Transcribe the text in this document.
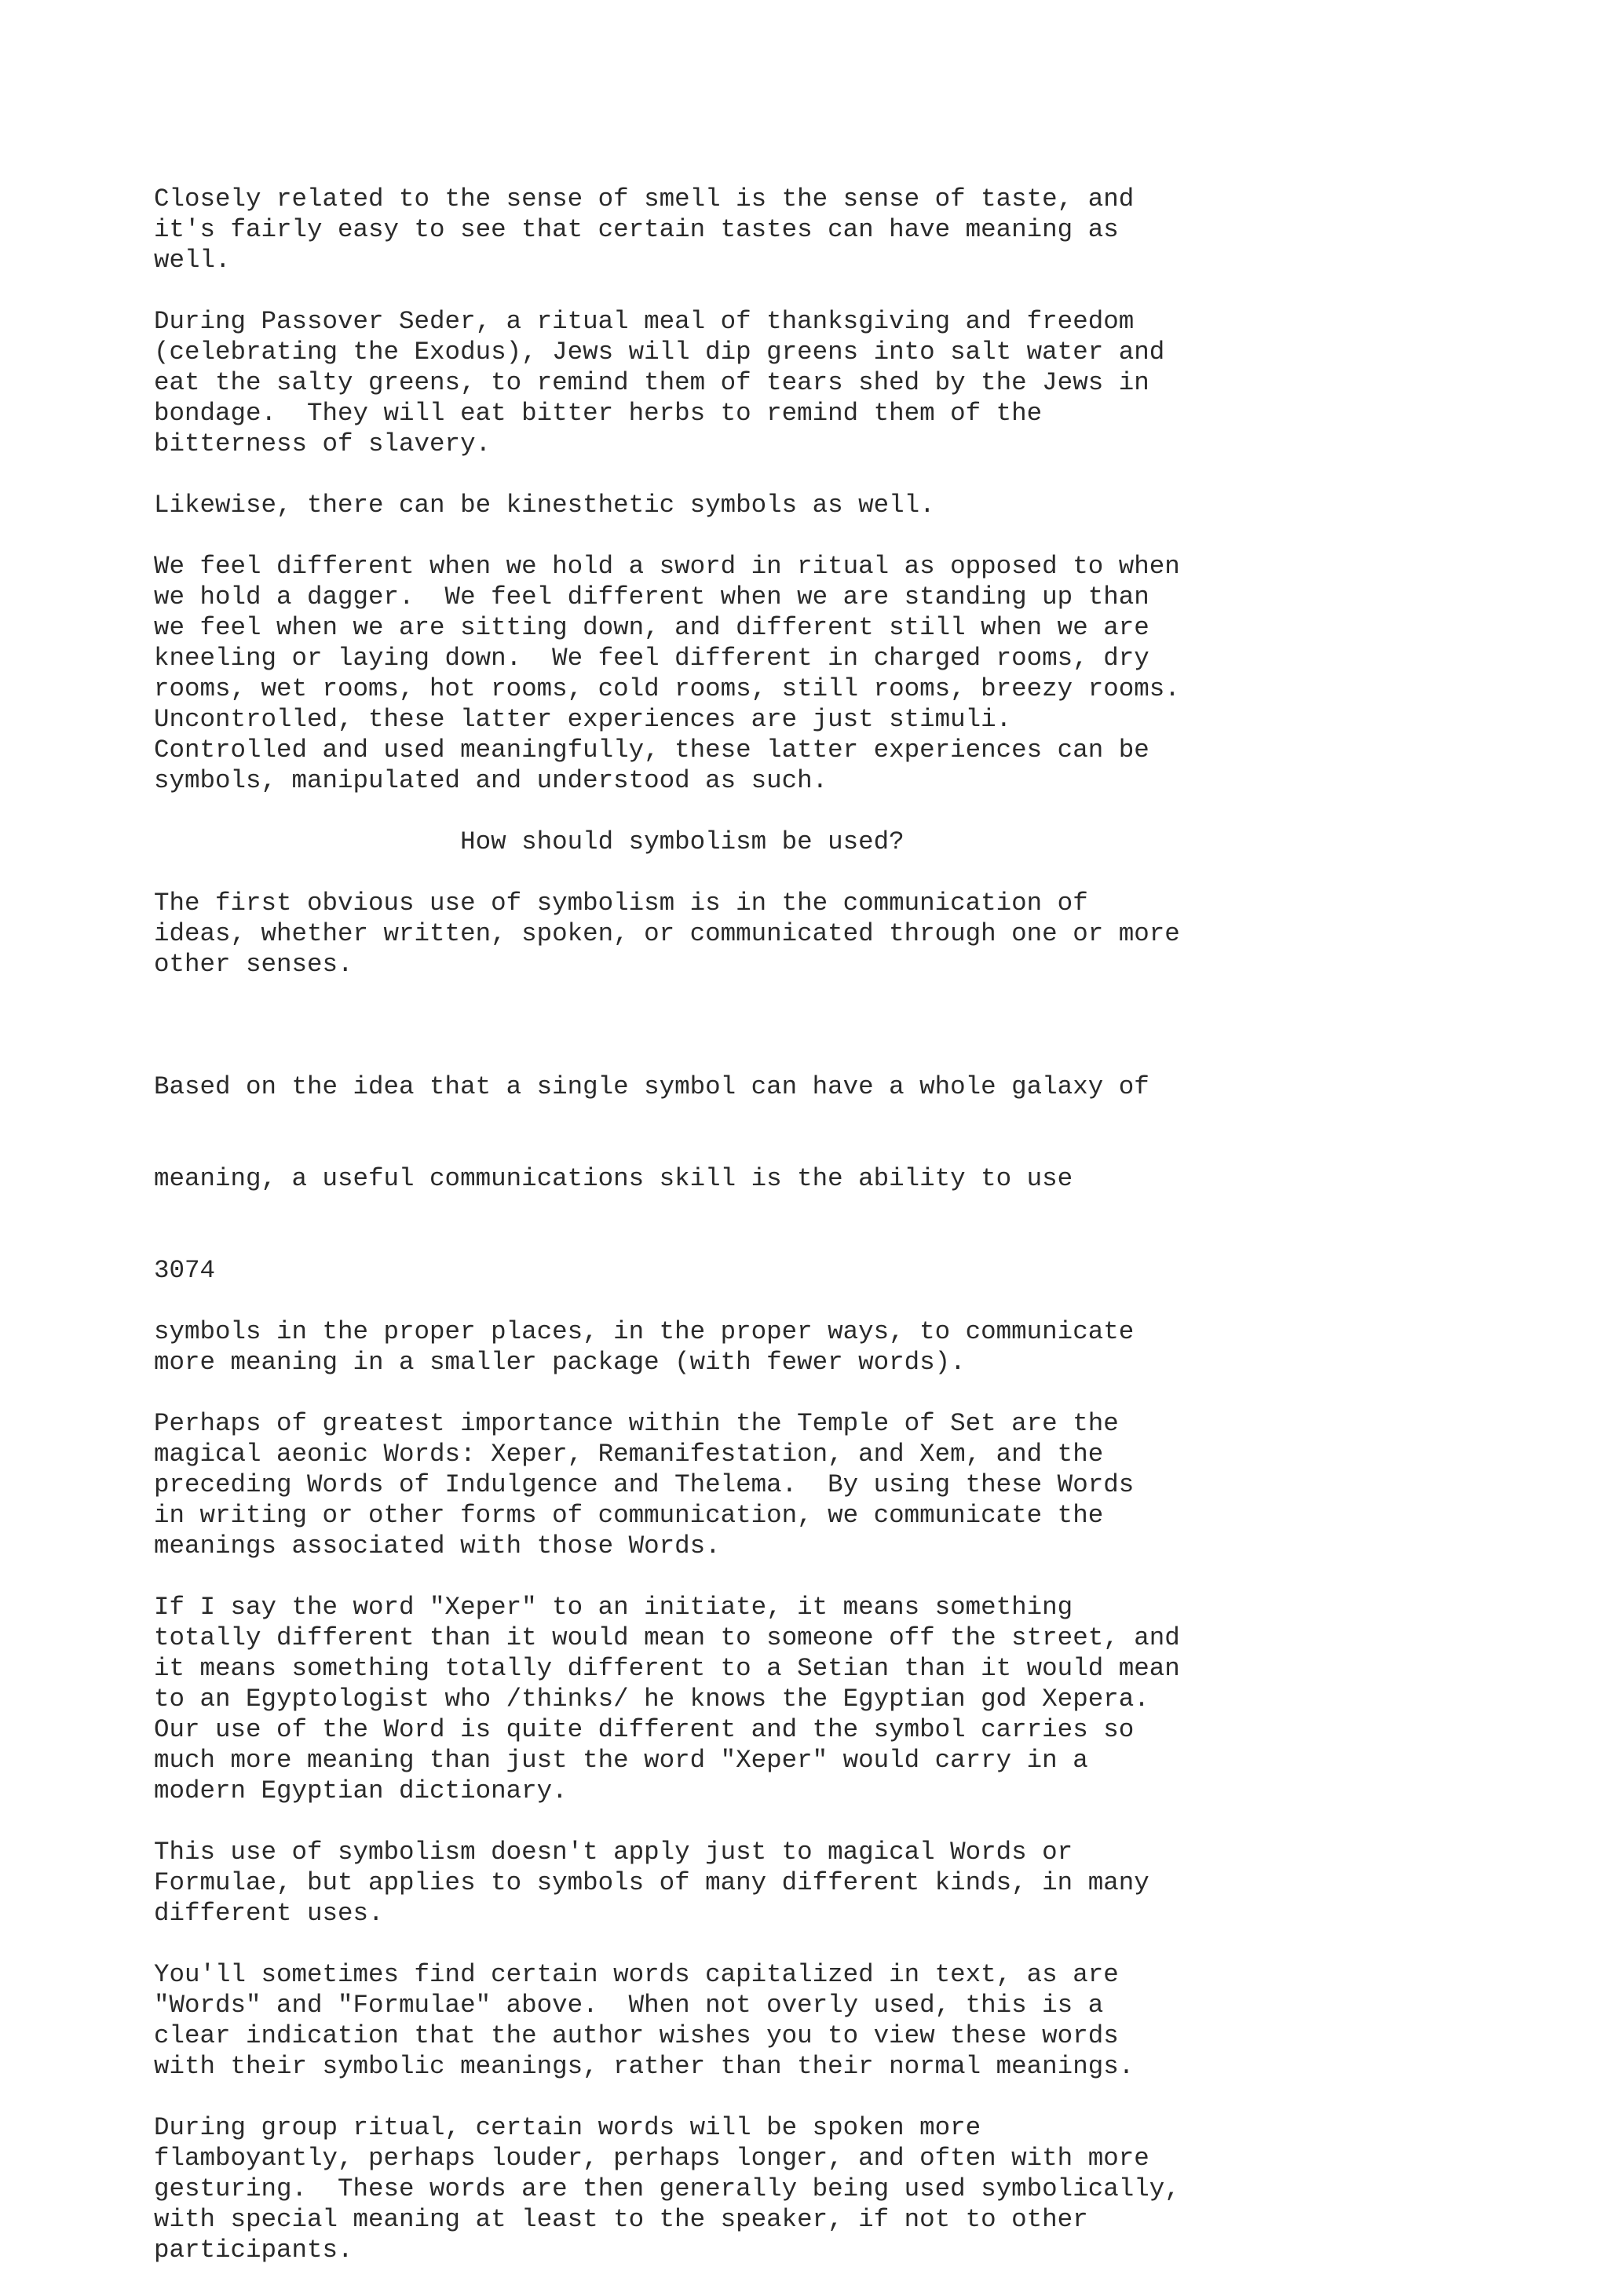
Closely related to the sense of smell is the sense of taste, and
it's fairly easy to see that certain tastes can have meaning as
well.
During Passover Seder, a ritual meal of thanksgiving and freedom
(celebrating the Exodus), Jews will dip greens into salt water and
eat the salty greens, to remind them of tears shed by the Jews in
bondage.  They will eat bitter herbs to remind them of the
bitterness of slavery.
Likewise, there can be kinesthetic symbols as well.
We feel different when we hold a sword in ritual as opposed to when
we hold a dagger.  We feel different when we are standing up than
we feel when we are sitting down, and different still when we are
kneeling or laying down.  We feel different in charged rooms, dry
rooms, wet rooms, hot rooms, cold rooms, still rooms, breezy rooms.
Uncontrolled, these latter experiences are just stimuli.
Controlled and used meaningfully, these latter experiences can be
symbols, manipulated and understood as such.
How should symbolism be used?
The first obvious use of symbolism is in the communication of
ideas, whether written, spoken, or communicated through one or more
other senses.

Based on the idea that a single symbol can have a whole galaxy of

meaning, a useful communications skill is the ability to use

3074
symbols in the proper places, in the proper ways, to communicate
more meaning in a smaller package (with fewer words).
Perhaps of greatest importance within the Temple of Set are the
magical aeonic Words: Xeper, Remanifestation, and Xem, and the
preceding Words of Indulgence and Thelema.  By using these Words
in writing or other forms of communication, we communicate the
meanings associated with those Words.
If I say the word "Xeper" to an initiate, it means something
totally different than it would mean to someone off the street, and
it means something totally different to a Setian than it would mean
to an Egyptologist who /thinks/ he knows the Egyptian god Xepera.
Our use of the Word is quite different and the symbol carries so
much more meaning than just the word "Xeper" would carry in a
modern Egyptian dictionary.
This use of symbolism doesn't apply just to magical Words or
Formulae, but applies to symbols of many different kinds, in many
different uses.
You'll sometimes find certain words capitalized in text, as are
"Words" and "Formulae" above.  When not overly used, this is a
clear indication that the author wishes you to view these words
with their symbolic meanings, rather than their normal meanings.
During group ritual, certain words will be spoken more
flamboyantly, perhaps louder, perhaps longer, and often with more
gesturing.  These words are then generally being used symbolically,
with special meaning at least to the speaker, if not to other
participants.
